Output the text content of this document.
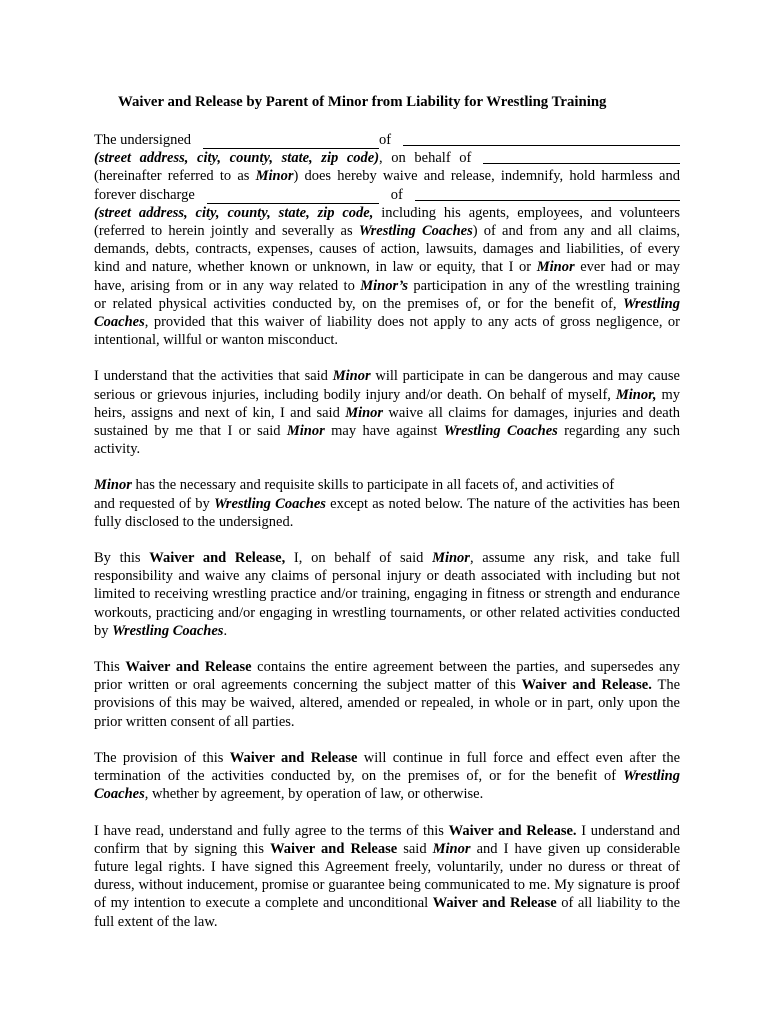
Waiver and Release by Parent of Minor from Liability for Wrestling Training
The undersigned	of
(street address, city, county, state, zip code) , on behalf of
(hereinafter referred to as Minor) does hereby waive and release, indemnify, hold harmless and
forever discharge	of
(street address, city, county, state, zip code, including his agents, employees, and volunteers
(referred to herein jointly and severally as Wrestling Coaches) of and from any and all claims,
demands, debts, contracts, expenses, causes of action, lawsuits, damages and liabilities, of every
kind and nature, whether known or unknown, in law or equity, that I or Minor ever had or may
have, arising from or in any way related to Minor’s participation in any of the wrestling training
or related physical activities conducted by, on the premises of, or for the benefit of, Wrestling
Coaches, provided that this waiver of liability does not apply to any acts of gross negligence, or
intentional, willful or wanton misconduct.

I understand that the activities that said Minor will participate in can be dangerous and may cause serious or grievous injuries, including bodily injury and/or death. On behalf of myself, Minor, my heirs, assigns and next of kin, I and said Minor waive all claims for damages, injuries and death sustained by me that I or said Minor may have against Wrestling Coaches regarding any such activity.

Minor has the necessary and requisite skills to participate in all facets of, and activities of
and requested of by Wrestling Coaches except as noted below. The nature of the activities has been fully disclosed to the undersigned.

By this Waiver and Release, I, on behalf of said Minor, assume any risk, and take full responsibility and waive any claims of personal injury or death associated with including but not limited to receiving wrestling practice and/or training, engaging in fitness or strength and endurance workouts, practicing and/or engaging in wrestling tournaments, or other related activities conducted by Wrestling Coaches.

This Waiver and Release contains the entire agreement between the parties, and supersedes any prior written or oral agreements concerning the subject matter of this Waiver and Release. The provisions of this may be waived, altered, amended or repealed, in whole or in part, only upon the prior written consent of all parties.

The provision of this Waiver and Release will continue in full force and effect even after the termination of the activities conducted by, on the premises of, or for the benefit of Wrestling Coaches, whether by agreement, by operation of law, or otherwise.

I have read, understand and fully agree to the terms of this Waiver and Release. I understand and confirm that by signing this Waiver and Release said Minor and I have given up considerable future legal rights. I have signed this Agreement freely, voluntarily, under no duress or threat of duress, without inducement, promise or guarantee being communicated to me. My signature is proof of my intention to execute a complete and unconditional Waiver and Release of all liability to the full extent of the law.
